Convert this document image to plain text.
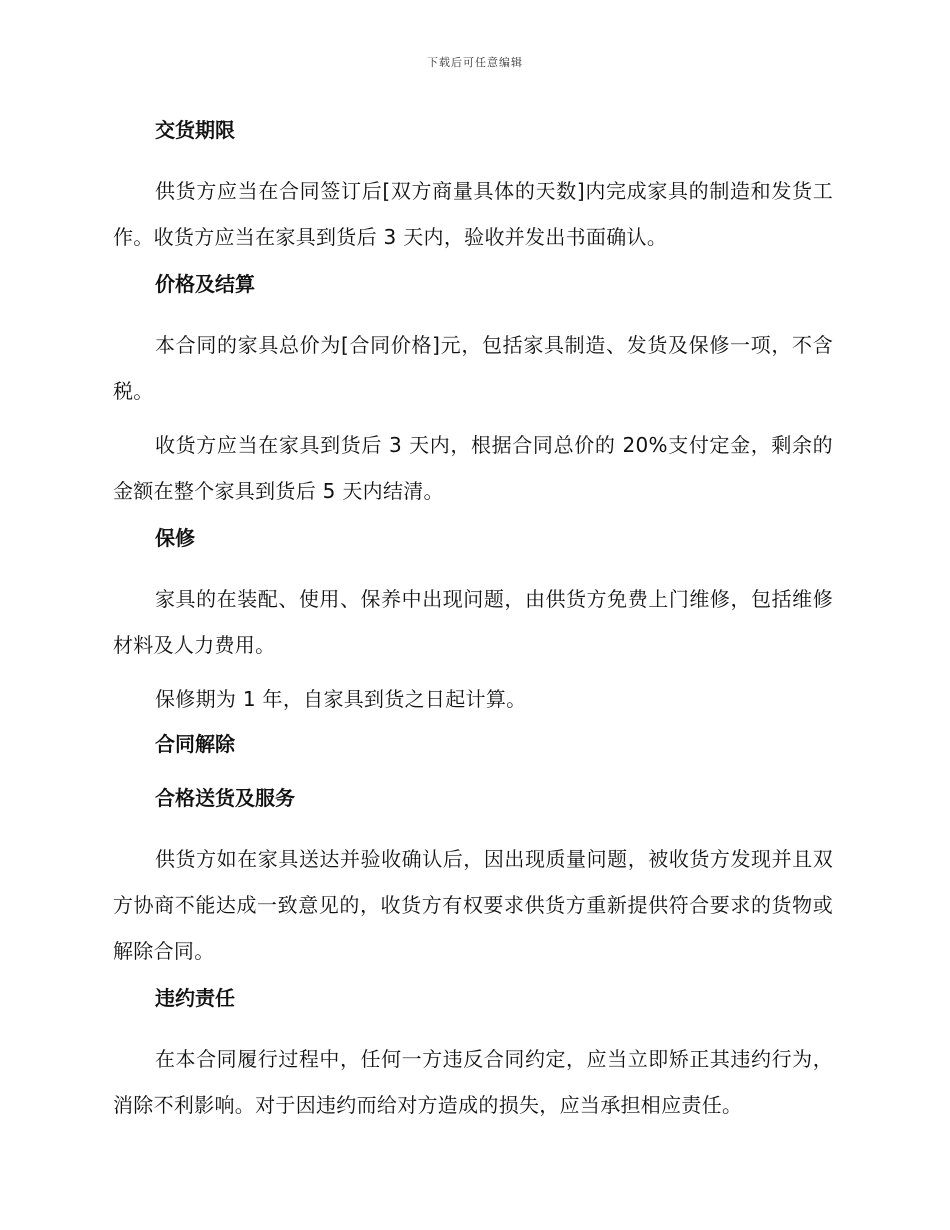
下载后可任意编辑
交货期限

供货方应当在合同签订后[双方商量具体的天数]内完成家具的制造和发货工作。收货方应当在家具到货后 3 天内，验收并发出书面确认。

价格及结算

本合同的家具总价为[合同价格]元，包括家具制造、发货及保修一项，不含税。

收货方应当在家具到货后 3 天内，根据合同总价的 20%支付定金，剩余的金额在整个家具到货后 5 天内结清。

保修

家具的在装配、使用、保养中出现问题，由供货方免费上门维修，包括维修材料及人力费用。

保修期为 1 年，自家具到货之日起计算。

合同解除
合格送货及服务

供货方如在家具送达并验收确认后，因出现质量问题，被收货方发现并且双方协商不能达成一致意见的，收货方有权要求供货方重新提供符合要求的货物或解除合同。

违约责任

在本合同履行过程中，任何一方违反合同约定，应当立即矫正其违约行为，消除不利影响。对于因违约而给对方造成的损失，应当承担相应责任。
